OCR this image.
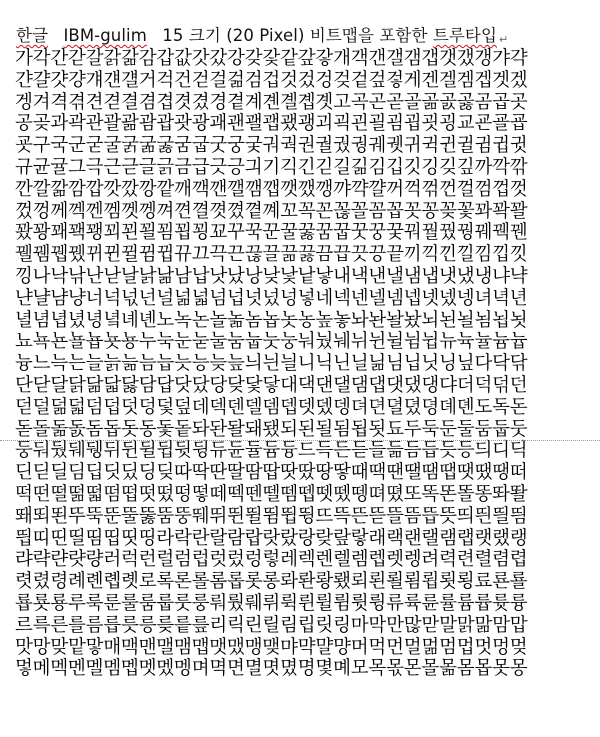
한글 IBM-gulim 15 크기 (20 Pixel) 비트맵을 포함한 트루타입 ↵
가각간갇갈갉갊감갑값갓갔강갖갗같갚갛개객갠갤갬갭갯갰갱갸갹
갼걀걋걍걔걘걜거걱건걷걸걺검겁것겄겅겆겉겊겋게겐겔겜겝겟겠
겡겨격겪견겯결겸겹겻겼경곁계곈곌곕곗고곡곤곧골곪곬곯곰곱곳
공곶과곽관괄괆괌괍괏광괘괜괠괩괬괭괴괵괸괼굄굅굇굉교굔굘굡
굣구국군굳굴굵굶굻굼굽굿궁궂궈궉권궐궜궝궤궷귀귁귄귈귐귑귓
규균귤그극근귿글긁금급긋긍긔기긱긴긷길긺김깁깃깅깆깊까깍깎
깐깔깖깜깝깟깠깡깥깨깩깬깰깸깹깻깼깽꺄꺅꺌꺼꺽꺾껀껄껌껍껏
껐껑께껙껜껨껫껭껴껸껼꼇꼈꼍꼐꼬꼭꼰꼲꼴꼼꼽꼿꽁꽂꽃꽈꽉꽐
꽜꽝꽤꽥꽹꾀꾄꾈꾐꾑꾕꾜꾸꾹꾼꿀꿇꿈꿉꿋꿍꿎꿔꿜꿨꿩꿰꿱꿴
꿸뀀뀁뀄뀌뀐뀔뀜뀝뀨끄끅끈끊끌끎끓끔끕끗끙끝끼끽낀낄낌낍낏
낑나낙낚난낟날낡낢남납낫났낭낮낯낱낳내낵낸낼냄냅냇냈냉냐냑
냔냘냠냥너넉넋넌널넒넓넘넙넛넜넝넣네넥넨넬넴넵넷넸넹녀녁년
녈념녑녔녕녘녜녠노녹논놀놂놈놉놋농높놓놔놘놜놨뇌뇐뇔뇜뇝뇟
뇨뇩뇬뇰뇹뇻뇽누눅눈눋눌눔눕눗눙눠눴눼뉘뉜뉠뉨뉩뉴뉵뉼늄늅
늉느늑는늘늙늚늠늡늣능늦늪늬늰늴니닉닌닐닒님닙닛닝닢다닥닦
단닫달닭닮닯닳담답닷닸당닺닻닿대댁댄댈댐댑댓댔댕댜더덕덖던
덛덜덞덟덤덥덧덩덫덮데덱덴델뎀뎁뎃뎄뎅뎌뎐뎔뎠뎡뎨뎬도독돈
돋돌돎돐돔돕돗동돛돝돠돤돨돼됐되된될됨됩됫됴두둑둔둘둠둡둣
둥둬뒀뒈뒝뒤뒨뒬뒵뒷뒹듀듄듈듐듕드득든듣들듦듬듭듯등듸디딕
딘딛딜딤딥딧딨딩딪따딱딴딸땀땁땃땄땅땋때땍땐땔땜땝땟땠땡떠
떡떤떨떪떫떰떱떳떴떵떻떼떽뗀뗄뗌뗍뗏뗐뗑뗘뗬또똑똔똘똥똬똴
뙈뙤뙨뚜뚝뚠뚤뚫뚬뚱뛔뛰뛴뛸뜀뜁뜅뜨뜩뜬뜯뜰뜸뜹뜻띄띈띌띔
띕띠띤띨띰띱띳띵라락란랄람랍랏랐랑랒랖랗래랙랜랠램랩랫랬랭
랴략랸럇량러럭런럴럼럽럿렀렁렇레렉렌렐렘렙렛렝려력련렬렴렵
렷렸령례롄롑롓로록론롤롬롭롯롱롸롼뢍뢨뢰뢴뢸룀룁룃룅료룐룔
룝룟룡루룩룬룰룸룹룻룽뤄뤘뤠뤼뤽륀륄륌륏륑류륙륜률륨륩륫륭
르륵른를름릅릇릉릊릍릎리릭린릴림립릿링마막만많맏말맑맒맘맙
맛망맞맡맣매맥맨맬맴맵맷맸맹맺먀먁먈먕머먹먼멀멂멈멉멋멍멎
멓메멕멘멜멤멥멧멨멩며멱면멸몃몄명몇몌모목몫몬몰몲몸몹못몽
